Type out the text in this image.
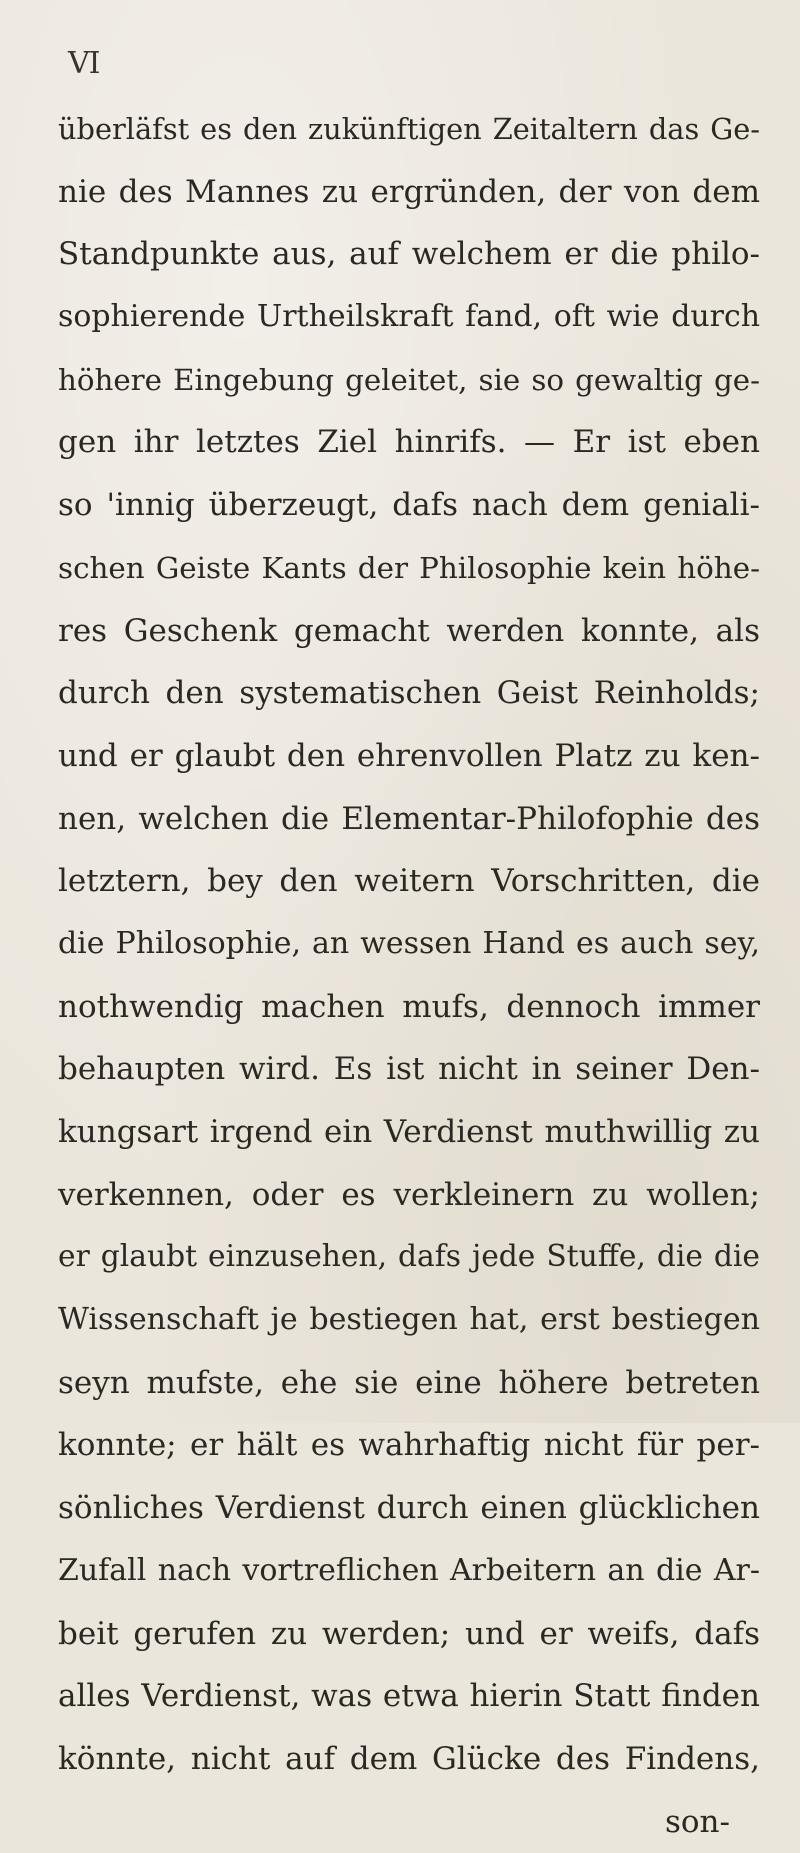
VI
überläfst es den zukünftigen Zeitaltern das Ge-
nie des Mannes zu ergründen, der von dem
Standpunkte aus, auf welchem er die philo-
sophierende Urtheilskraft fand, oft wie durch
höhere Eingebung geleitet, sie so gewaltig ge-
gen ihr letztes Ziel hinrifs. — Er ist eben
so 'innig überzeugt, dafs nach dem geniali-
schen Geiste Kants der Philosophie kein höhe-
res Geschenk gemacht werden konnte, als
durch den systematischen Geist Reinholds;
und er glaubt den ehrenvollen Platz zu ken-
nen, welchen die Elementar-Philofophie des
letztern, bey den weitern Vorschritten, die
die Philosophie, an wessen Hand es auch sey,
nothwendig machen mufs, dennoch immer
behaupten wird. Es ist nicht in seiner Den-
kungsart irgend ein Verdienst muthwillig zu
verkennen, oder es verkleinern zu wollen;
er glaubt einzusehen, dafs jede Stuffe, die die
Wissenschaft je bestiegen hat, erst bestiegen
seyn mufste, ehe sie eine höhere betreten
konnte; er hält es wahrhaftig nicht für per-
sönliches Verdienst durch einen glücklichen
Zufall nach vortreflichen Arbeitern an die Ar-
beit gerufen zu werden; und er weifs, dafs
alles Verdienst, was etwa hierin Statt finden
könnte, nicht auf dem Glücke des Findens,
son-
